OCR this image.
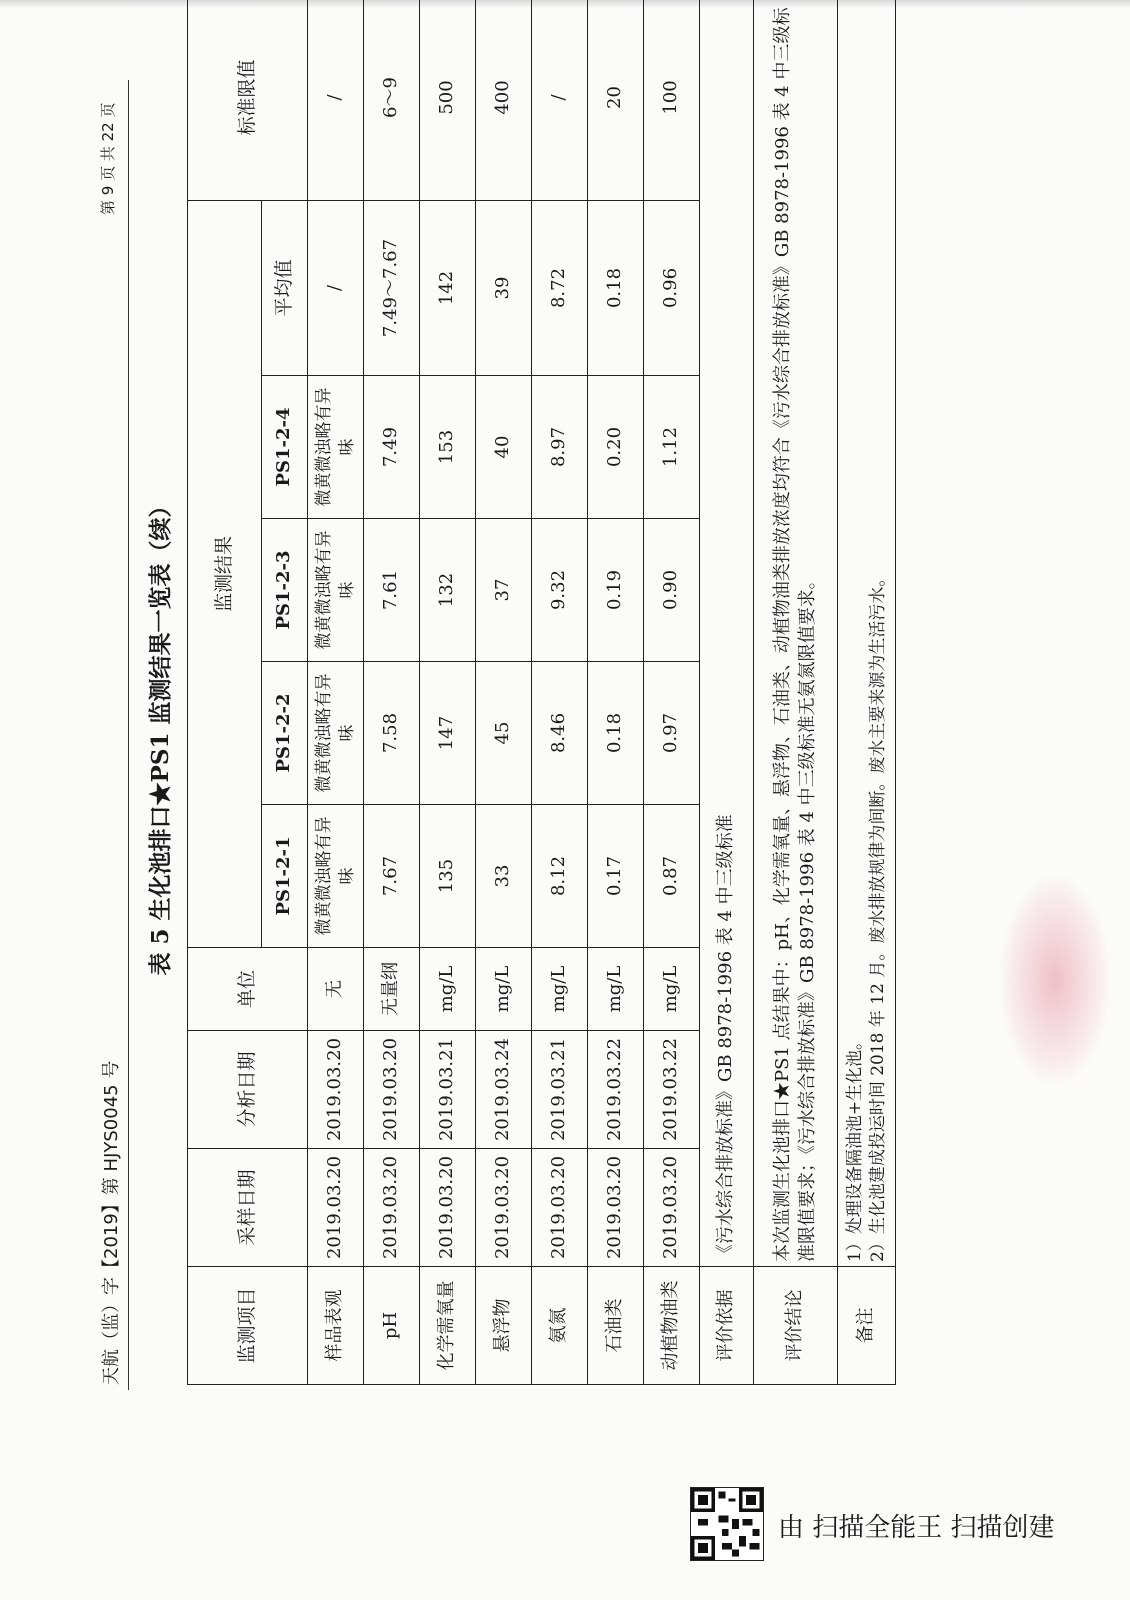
天航（监）字【2019】第 HJYS0045 号
第 9 页 共 22 页
表 5 生化池排口★PS1 监测结果一览表（续）
监测项目	采样日期	分析日期	单位	监测结果					标准限值
				PS1-2-1	PS1-2-2	PS1-2-3	PS1-2-4	平均值	
样品表观	2019.03.20	2019.03.20	无	微黄微浊略有异味	微黄微浊略有异味	微黄微浊略有异味	微黄微浊略有异味	/	/
pH	2019.03.20	2019.03.20	无量纲	7.67	7.58	7.61	7.49	7.49～7.67	6～9
化学需氧量	2019.03.20	2019.03.21	mg/L	135	147	132	153	142	500
悬浮物	2019.03.20	2019.03.24	mg/L	33	45	37	40	39	400
氨氮	2019.03.20	2019.03.21	mg/L	8.12	8.46	9.32	8.97	8.72	/
石油类	2019.03.20	2019.03.22	mg/L	0.17	0.18	0.19	0.20	0.18	20
动植物油类	2019.03.20	2019.03.22	mg/L	0.87	0.97	0.90	1.12	0.96	100
评价依据	《污水综合排放标准》GB 8978-1996 表 4 中三级标准								
评价结论	本次监测生化池排口★PS1 点结果中：pH、化学需氧量、悬浮物、石油类、动植物油类排放浓度均符合《污水综合排放标准》GB 8978-1996 表 4 中三级标准限值要求；《污水综合排放标准》GB 8978-1996 表 4 中三级标准无氨氮限值要求。								
备注	1）处理设备隔油池+生化池。 2）生化池建成投运时间 2018 年 12 月。废水排放规律为间断。废水主要来源为生活污水。								
由 扫描全能王 扫描创建
